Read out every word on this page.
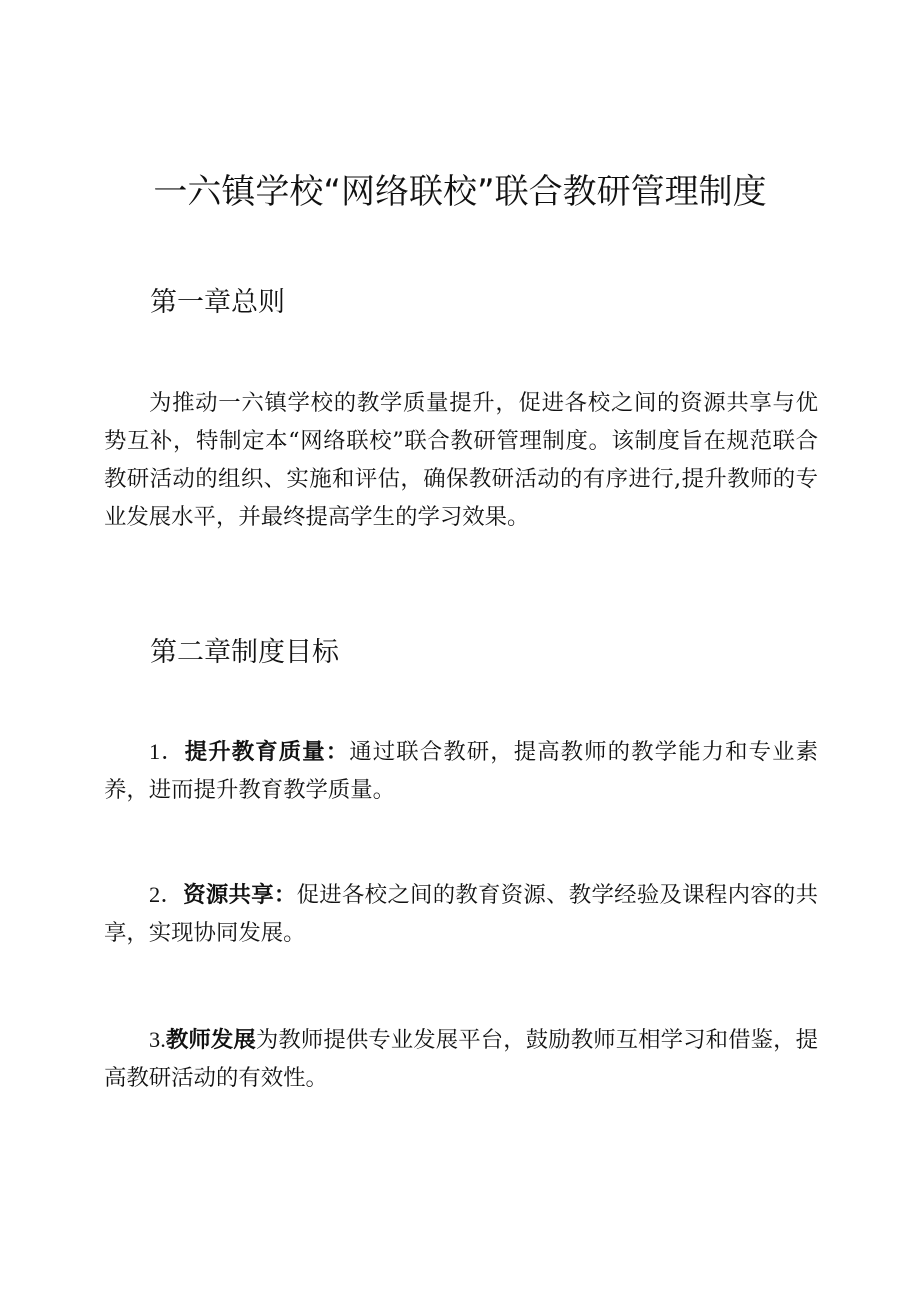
一六镇学校“网络联校”联合教研管理制度
第一章总则

为推动一六镇学校的教学质量提升，促进各校之间的资源共享与优势互补，特制定本“网络联校”联合教研管理制度。该制度旨在规范联合教研活动的组织、实施和评估，确保教研活动的有序进行,提升教师的专业发展水平，并最终提高学生的学习效果。

第二章制度目标

1．提升教育质量：通过联合教研，提高教师的教学能力和专业素养，进而提升教育教学质量。

2．资源共享：促进各校之间的教育资源、教学经验及课程内容的共享，实现协同发展。

3.教师发展为教师提供专业发展平台，鼓励教师互相学习和借鉴，提高教研活动的有效性。
